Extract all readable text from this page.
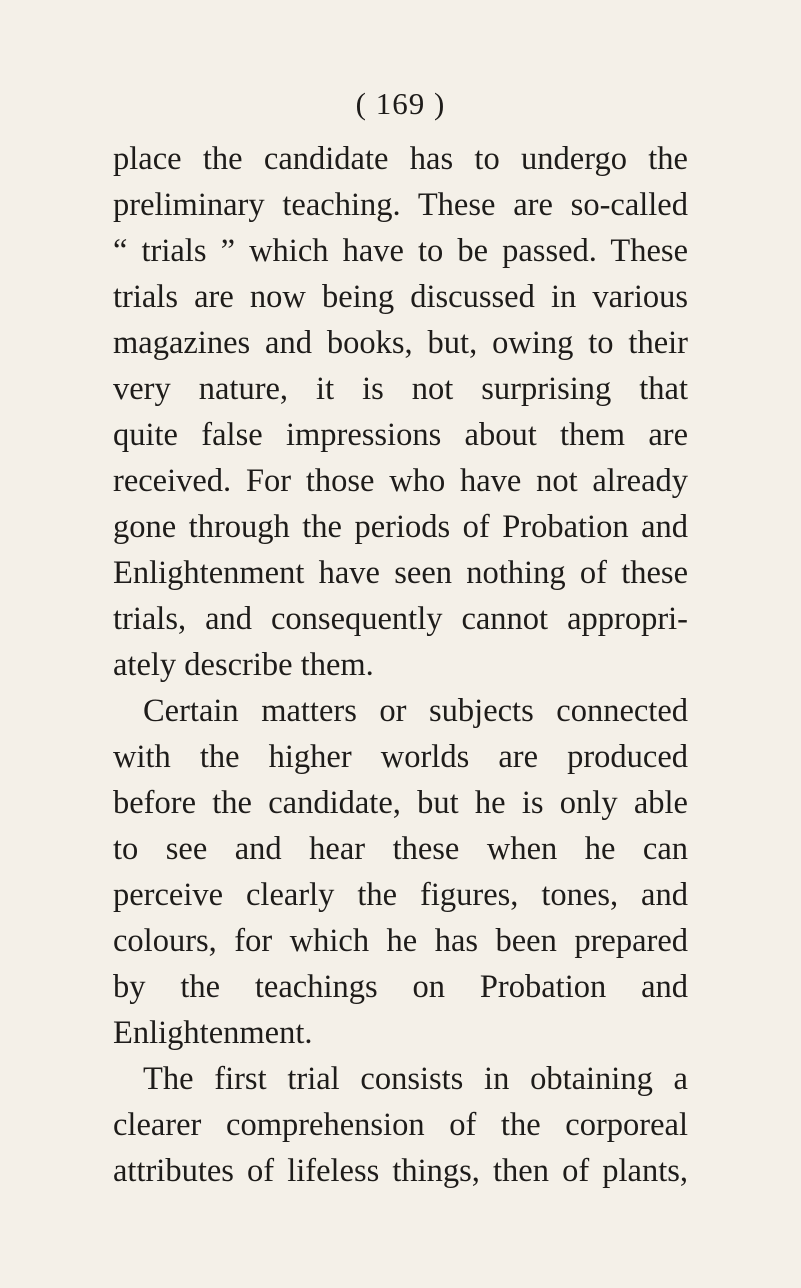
( 169 )
place the candidate has to undergo the
preliminary teaching. These are so-called
“ trials ” which have to be passed. These
trials are now being discussed in various
magazines and books, but, owing to their
very nature, it is not surprising that
quite false impressions about them are
received. For those who have not already
gone through the periods of Probation and
Enlightenment have seen nothing of these
trials, and consequently cannot appropri-
ately describe them.
Certain matters or subjects connected
with the higher worlds are produced
before the candidate, but he is only able
to see and hear these when he can
perceive clearly the figures, tones, and
colours, for which he has been prepared
by the teachings on Probation and
Enlightenment.
The first trial consists in obtaining a
clearer comprehension of the corporeal
attributes of lifeless things, then of plants,
